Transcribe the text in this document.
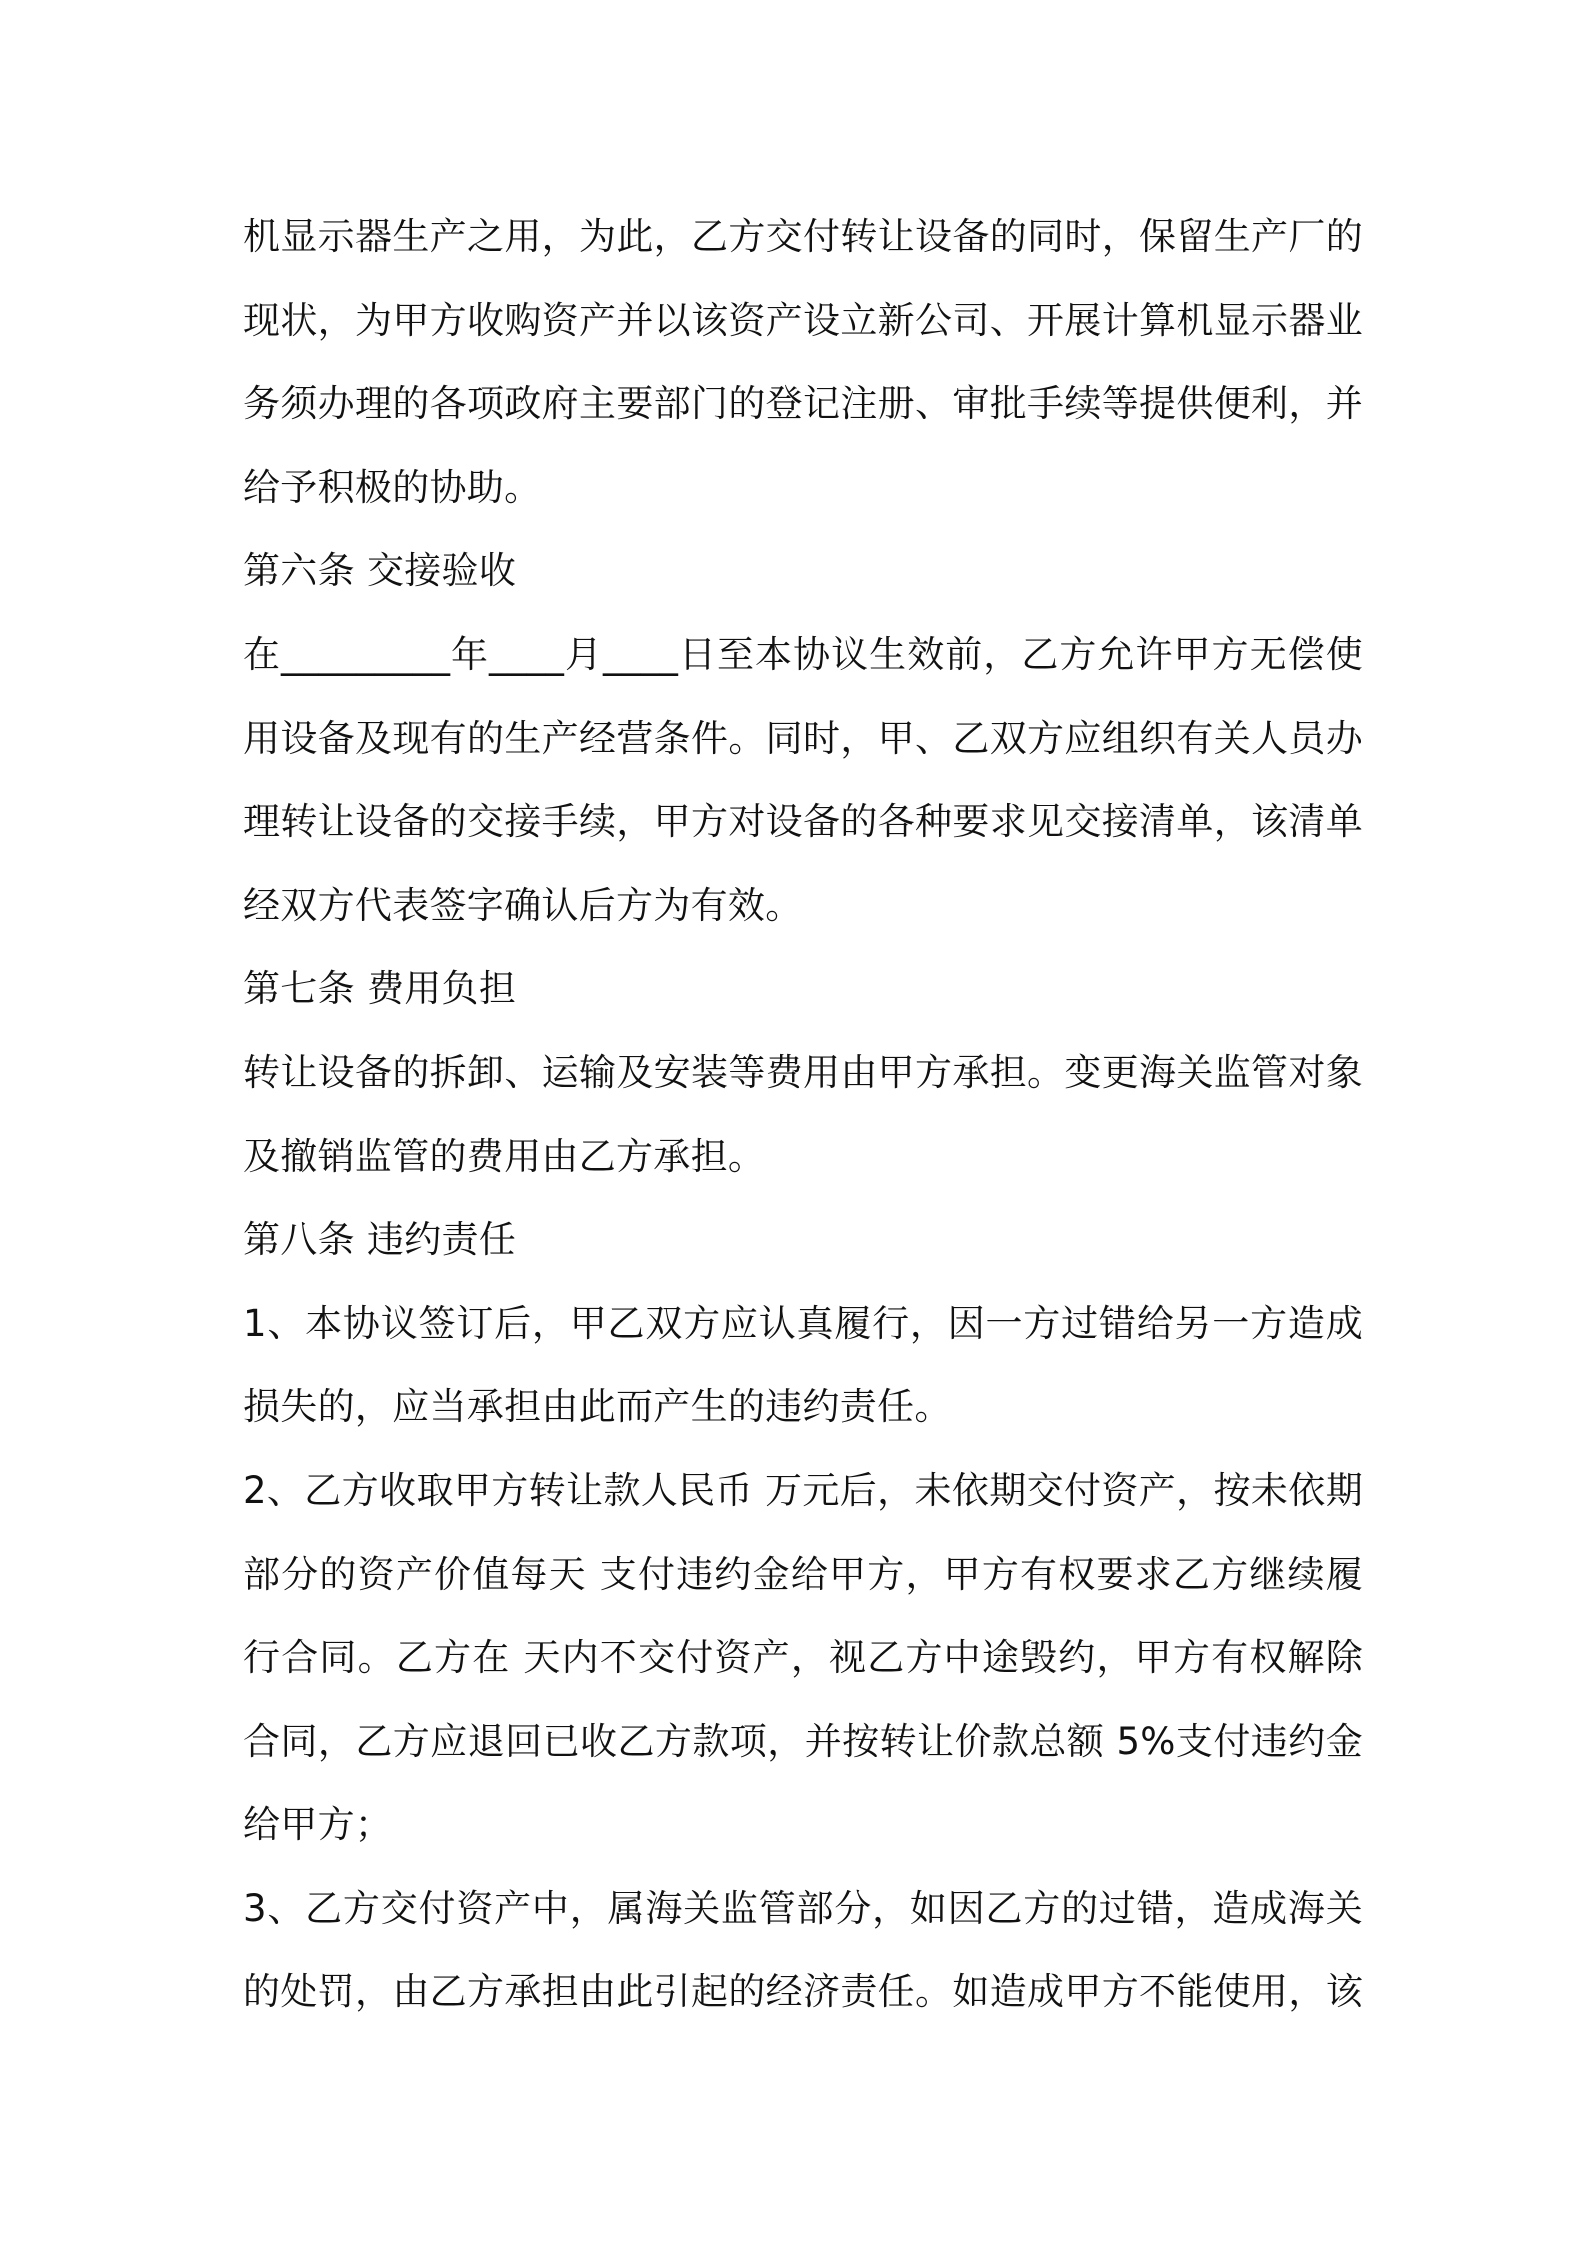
机显示器生产之用，为此，乙方交付转让设备的同时，保留生产厂的
现状，为甲方收购资产并以该资产设立新公司、开展计算机显示器业
务须办理的各项政府主要部门的登记注册、审批手续等提供便利，并
给予积极的协助。
第六条 交接验收
在_________年____月____日至本协议生效前，乙方允许甲方无偿使
用设备及现有的生产经营条件。同时，甲、乙双方应组织有关人员办
理转让设备的交接手续，甲方对设备的各种要求见交接清单，该清单
经双方代表签字确认后方为有效。
第七条 费用负担
转让设备的拆卸、运输及安装等费用由甲方承担。变更海关监管对象
及撤销监管的费用由乙方承担。
第八条 违约责任
1、本协议签订后，甲乙双方应认真履行，因一方过错给另一方造成
损失的，应当承担由此而产生的违约责任。
2、乙方收取甲方转让款人民币 万元后，未依期交付资产，按未依期
部分的资产价值每天 支付违约金给甲方，甲方有权要求乙方继续履
行合同。乙方在 天内不交付资产，视乙方中途毁约，甲方有权解除
合同，乙方应退回已收乙方款项，并按转让价款总额 5%支付违约金
给甲方；
3、乙方交付资产中，属海关监管部分，如因乙方的过错，造成海关
的处罚，由乙方承担由此引起的经济责任。如造成甲方不能使用，该
